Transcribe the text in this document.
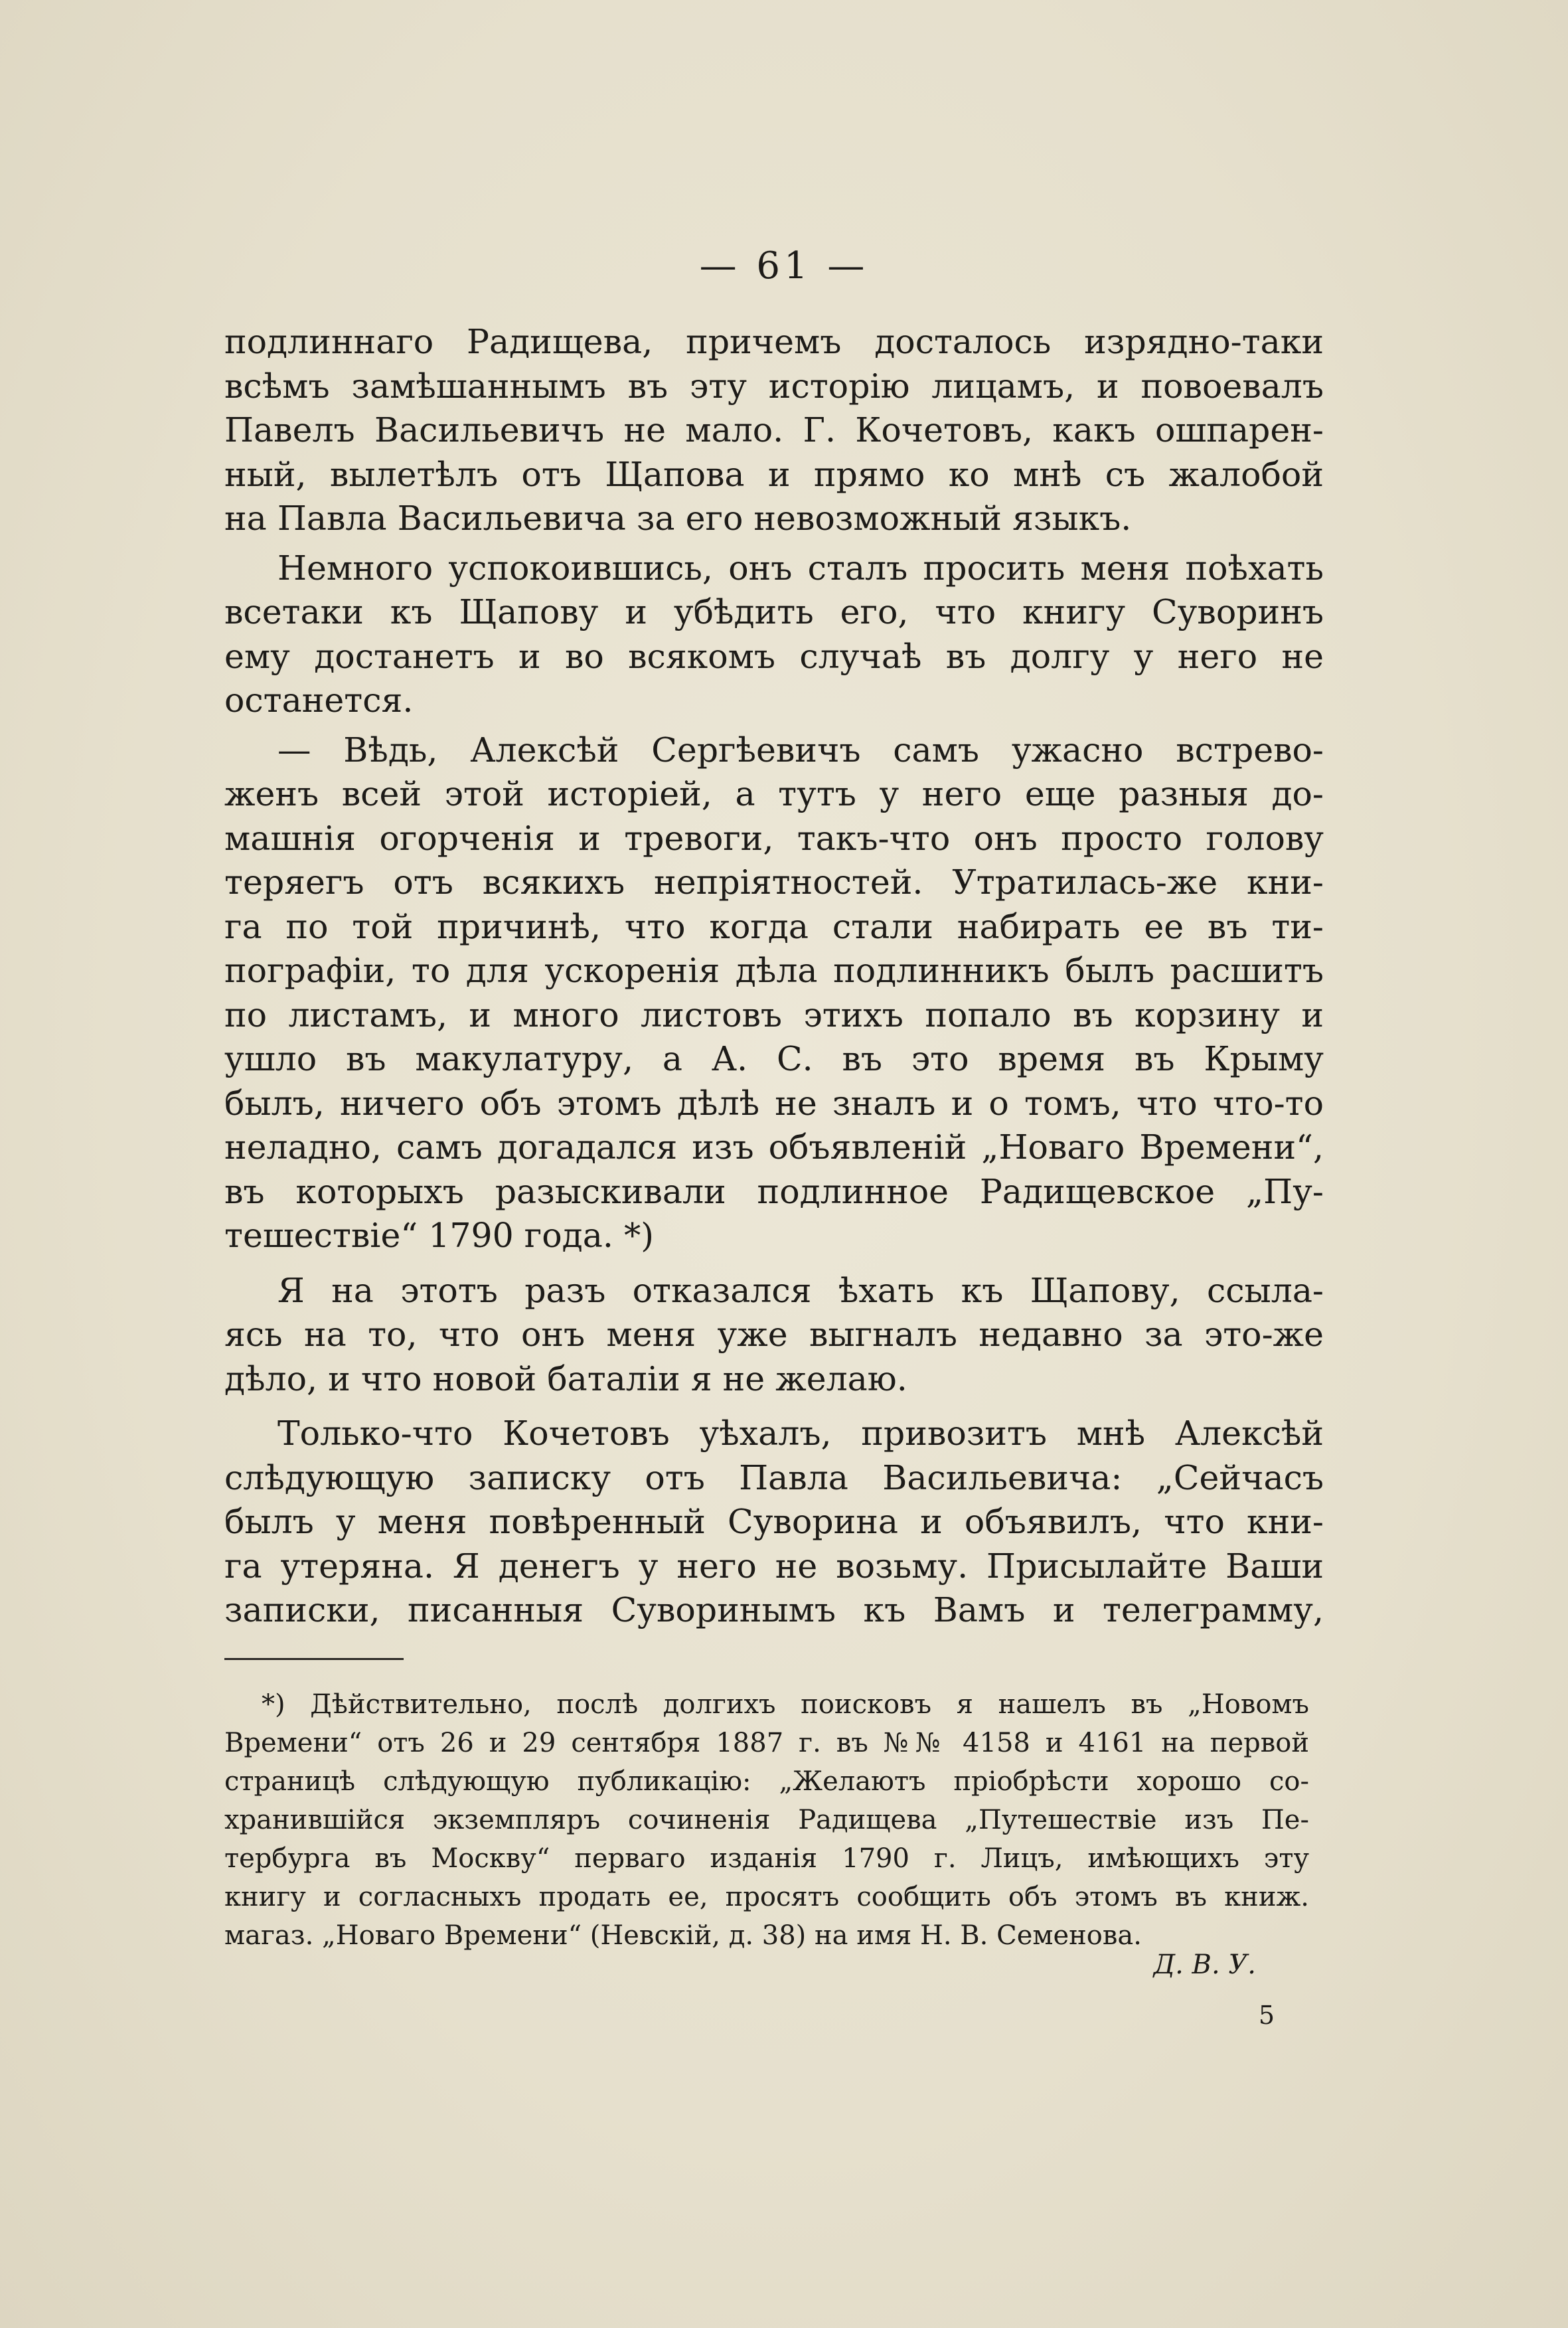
— 61 —
подлиннаго Радищева, причемъ досталось изрядно-таки
всѣмъ замѣшаннымъ въ эту исторію лицамъ, и повоевалъ
Павелъ Васильевичъ не мало. Г. Кочетовъ, какъ ошпарен-
ный, вылетѣлъ отъ Щапова и прямо ко мнѣ съ жалобой
на Павла Васильевича за его невозможный языкъ.
Немного успокоившись, онъ сталъ просить меня поѣхать
всетаки къ Щапову и убѣдить его, что книгу Суворинъ
ему достанетъ и во всякомъ случаѣ въ долгу у него не
останется.
— Вѣдь, Алексѣй Сергѣевичъ самъ ужасно встрево-
женъ всей этой исторіей, а тутъ у него еще разныя до-
машнія огорченія и тревоги, такъ-что онъ просто голову
теряегъ отъ всякихъ непріятностей. Утратилась-же кни-
га по той причинѣ, что когда стали набирать ее въ ти-
пографіи, то для ускоренія дѣла подлинникъ былъ расшитъ
по листамъ, и много листовъ этихъ попало въ корзину и
ушло въ макулатуру, а А. С. въ это время въ Крыму
былъ, ничего объ этомъ дѣлѣ не зналъ и о томъ, что что-то
неладно, самъ догадался изъ объявленій „Новаго Времени“,
въ которыхъ разыскивали подлинное Радищевское „Пу-
тешествіе“ 1790 года. *)
Я на этотъ разъ отказался ѣхать къ Щапову, ссыла-
ясь на то, что онъ меня уже выгналъ недавно за это-же
дѣло, и что новой баталіи я не желаю.
Только-что Кочетовъ уѣхалъ, привозитъ мнѣ Алексѣй
слѣдующую записку отъ Павла Васильевича: „Сейчасъ
былъ у меня повѣренный Суворина и объявилъ, что кни-
га утеряна. Я денегъ у него не возьму. Присылайте Ваши
записки, писанныя Суворинымъ къ Вамъ и телеграмму,
*) Дѣйствительно, послѣ долгихъ поисковъ я нашелъ въ „Новомъ
Времени“ отъ 26 и 29 сентября 1887 г. въ №№ 4158 и 4161 на первой
страницѣ слѣдующую публикацію: „Желаютъ пріобрѣсти хорошо со-
хранившійся экземпляръ сочиненія Радищева „Путешествіе изъ Пе-
тербурга въ Москву“ перваго изданія 1790 г. Лицъ, имѣющихъ эту
книгу и согласныхъ продать ее, просятъ сообщить объ этомъ въ книж.
магаз. „Новаго Времени“ (Невскій, д. 38) на имя Н. В. Семенова.
Д. В. У.
5
